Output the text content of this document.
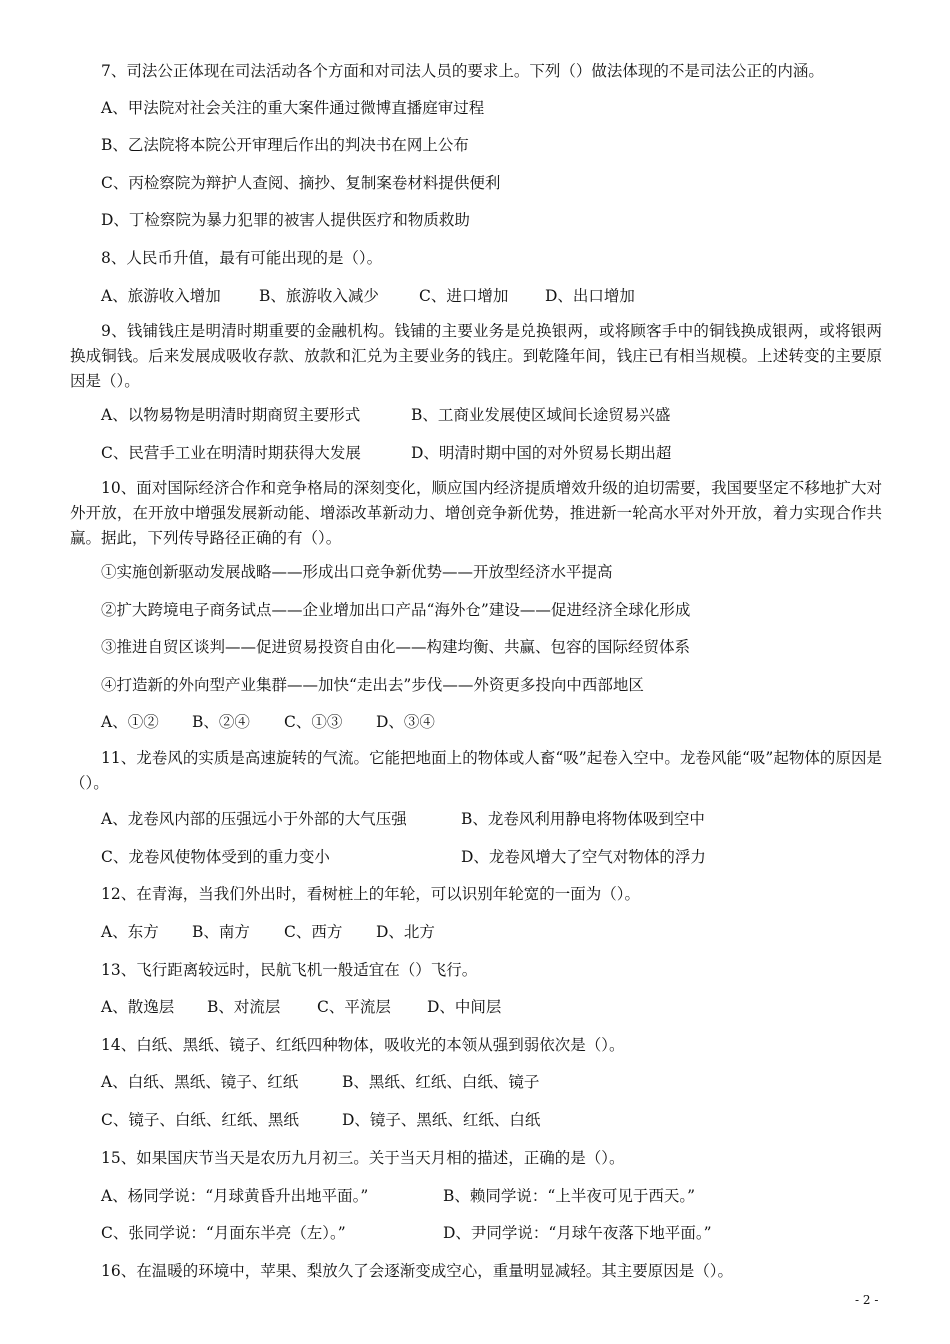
7、司法公正体现在司法活动各个方面和对司法人员的要求上。下列（）做法体现的不是司法公正的内涵。
A、甲法院对社会关注的重大案件通过微博直播庭审过程
B、乙法院将本院公开审理后作出的判决书在网上公布
C、丙检察院为辩护人查阅、摘抄、复制案卷材料提供便利
D、丁检察院为暴力犯罪的被害人提供医疗和物质救助
8、人民币升值，最有可能出现的是（）。
A、旅游收入增加 B、旅游收入减少	C、进口增加 D、出口增加
9、钱铺钱庄是明清时期重要的金融机构。钱铺的主要业务是兑换银两，或将顾客手中的铜钱换成银两，或将银两换成铜钱。后来发展成吸收存款、放款和汇兑为主要业务的钱庄。到乾隆年间，钱庄已有相当规模。上述转变的主要原因是（）。
A、以物易物是明清时期商贸主要形式	B、工商业发展使区域间长途贸易兴盛
C、民营手工业在明清时期获得大发展	D、明清时期中国的对外贸易长期出超
10、面对国际经济合作和竞争格局的深刻变化，顺应国内经济提质增效升级的迫切需要，我国要坚定不移地扩大对外开放，在开放中增强发展新动能、增添改革新动力、增创竞争新优势，推进新一轮高水平对外开放，着力实现合作共赢。据此，下列传导路径正确的有（）。
①实施创新驱动发展战略——形成出口竞争新优势——开放型经济水平提高
②扩大跨境电子商务试点——企业增加出口产品“海外仓”建设——促进经济全球化形成
③推进自贸区谈判——促进贸易投资自由化——构建均衡、共赢、包容的国际经贸体系
④打造新的外向型产业集群——加快“走出去”步伐——外资更多投向中西部地区
A、①② B、②④ C、①③ D、③④
11、龙卷风的实质是高速旋转的气流。它能把地面上的物体或人畜“吸”起卷入空中。龙卷风能“吸”起物体的原因是（）。
A、龙卷风内部的压强远小于外部的大气压强	B、龙卷风利用静电将物体吸到空中
C、龙卷风使物体受到的重力变小	D、龙卷风增大了空气对物体的浮力
12、在青海，当我们外出时，看树桩上的年轮，可以识别年轮宽的一面为（）。
A、东方 B、南方 C、西方 D、北方
13、飞行距离较远时，民航飞机一般适宜在（）飞行。
A、散逸层 B、对流层 C、平流层 D、中间层
14、白纸、黑纸、镜子、红纸四种物体，吸收光的本领从强到弱依次是（）。
A、白纸、黑纸、镜子、红纸	B、黑纸、红纸、白纸、镜子
C、镜子、白纸、红纸、黑纸	D、镜子、黑纸、红纸、白纸
15、如果国庆节当天是农历九月初三。关于当天月相的描述，正确的是（）。
A、杨同学说：“月球黄昏升出地平面。”	B、赖同学说：“上半夜可见于西天。”
C、张同学说：“月面东半亮（左）。”	D、尹同学说：“月球午夜落下地平面。”
16、在温暖的环境中，苹果、梨放久了会逐渐变成空心，重量明显减轻。其主要原因是（）。
- 2 -
